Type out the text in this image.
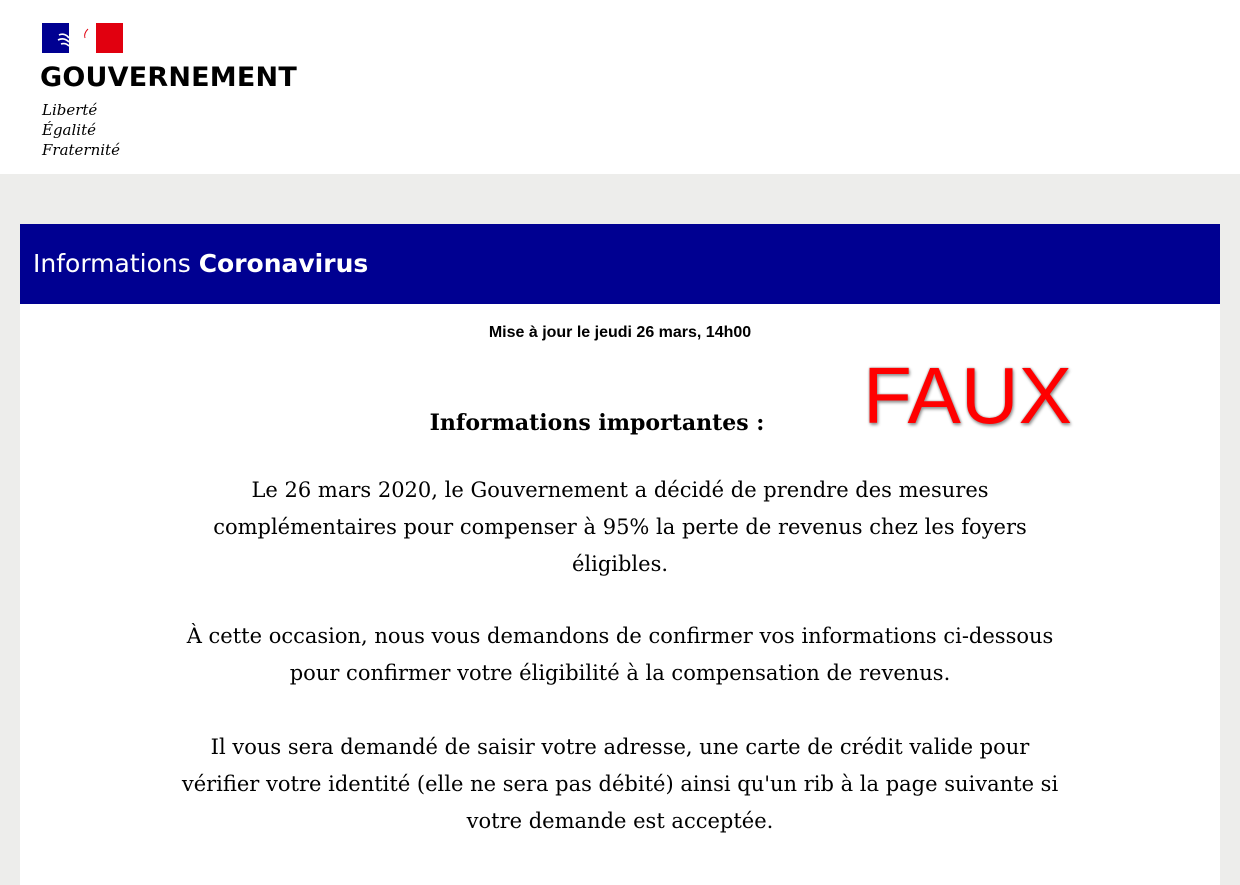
GOUVERNEMENT
Liberté
Égalité
Fraternité
Informations Coronavirus
Mise à jour le jeudi 26 mars, 14h00
FAUX
Informations importantes :
Le 26 mars 2020, le Gouvernement a décidé de prendre des mesures
complémentaires pour compenser à 95% la perte de revenus chez les foyers
éligibles.
À cette occasion, nous vous demandons de confirmer vos informations ci-dessous
pour confirmer votre éligibilité à la compensation de revenus.
Il vous sera demandé de saisir votre adresse, une carte de crédit valide pour
vérifier votre identité (elle ne sera pas débité) ainsi qu'un rib à la page suivante si
votre demande est acceptée.
